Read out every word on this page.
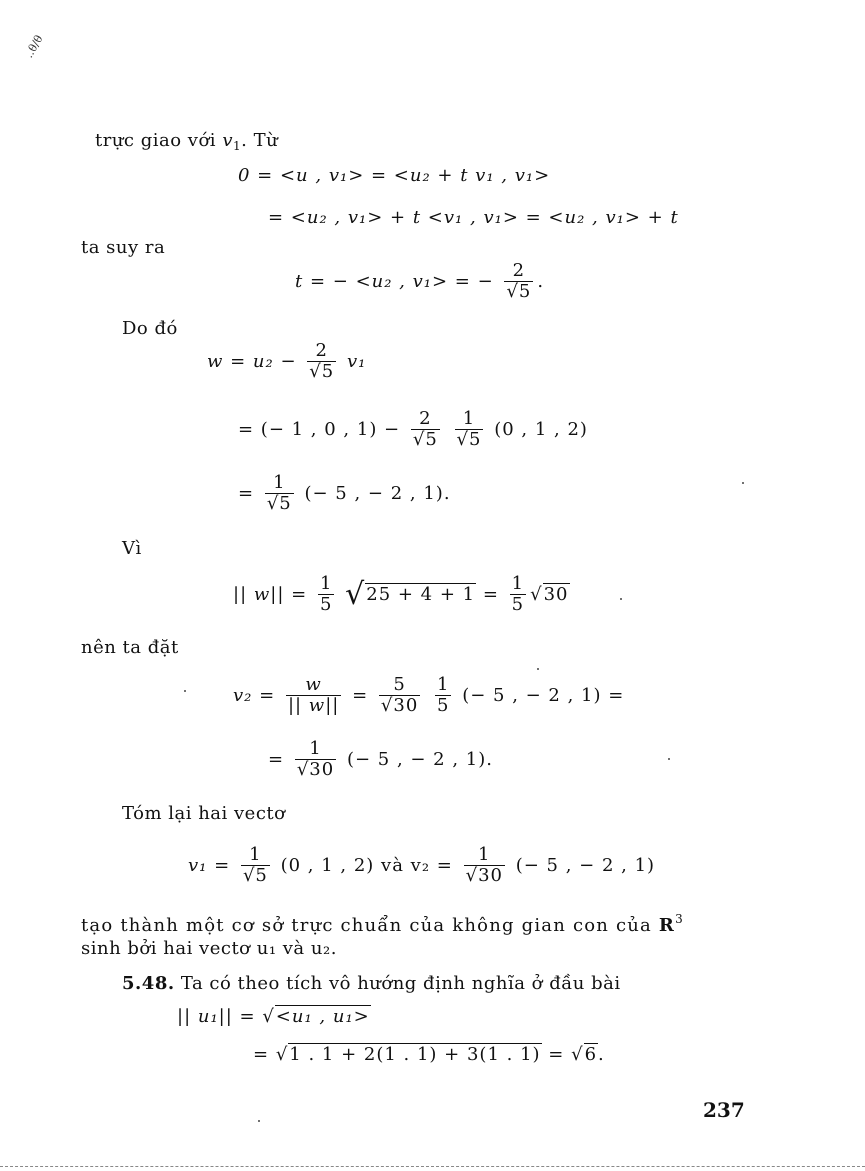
..θ/θ
trực giao với $v_1$. Từ
0 = <u , v₁> = <u₂ + t v₁ , v₁>
= <u₂ , v₁> + t <v₁ , v₁> = <u₂ , v₁> + t
ta suy ra
t = − <u₂ , v₁> = − $\frac{2}{√5}$ .
Do đó
$w = u_2 - \frac{2}{√5} v_1$
= (− 1 , 0 , $1) - \frac{2}{√5}$
$\frac{1}{√5} (0$ , 1 , 2)
= $\frac{1}{√5}$ (− 5 , − 2 , 1).
Vì
|| $w|| = \frac{1}{5} √25 + 4 + 1 = \frac{1}{5} √30$
nên ta đặt
$v_2 = \frac{w}{|| w||} = \frac{5}{√30}$
$\frac{1}{5}$ (− 5 , − 2 , 1) =
= $\frac{1}{√30}$ (− 5 , − 2 , 1).
Tóm lại hai vectơ
$v_1 = \frac{1}{√5} (0$ , 1 , 2) và $v_2 = \frac{1}{√30}$ (− 5 , − 2 , 1)
tạo thành một cơ sở trực chuẩn của không gian con của $R^3$
sinh bởi hai vectơ u₁ và u₂.
5.48. Ta có theo tích vô hướng định nghĩa ở đầu bài
|| u₁|| = √<u₁ , u₁>
= √1 . 1 + 2(1 . 1) + 3(1 . 1) = √6.
237
